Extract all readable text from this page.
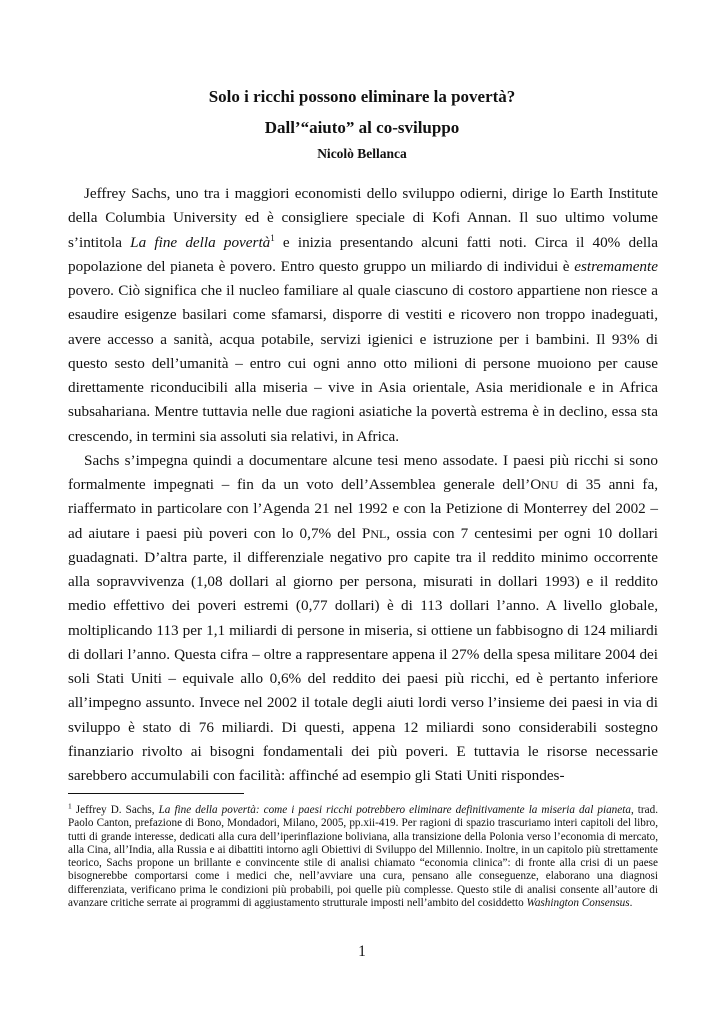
Solo i ricchi possono eliminare la povertà?
Dall’“aiuto” al co-sviluppo
Nicolò Bellanca

Jeffrey Sachs, uno tra i maggiori economisti dello sviluppo odierni, dirige lo Earth Institute della Columbia University ed è consigliere speciale di Kofi Annan. Il suo ultimo volume s’intitola La fine della povertà$^1$ e inizia presentando alcuni fatti noti. Circa il 40% della popolazione del pianeta è povero. Entro questo gruppo un miliardo di individui è estremamente povero. Ciò significa che il nucleo familiare al quale ciascuno di costoro appartiene non riesce a esaudire esigenze basilari come sfamarsi, disporre di vestiti e ricovero non troppo inadeguati, avere accesso a sanità, acqua potabile, servizi igienici e istruzione per i bambini. Il 93% di questo sesto dell’umanità – entro cui ogni anno otto milioni di persone muoiono per cause direttamente riconducibili alla miseria – vive in Asia orientale, Asia meridionale e in Africa subsahariana. Mentre tuttavia nelle due ragioni asiatiche la povertà estrema è in declino, essa sta crescendo, in termini sia assoluti sia relativi, in Africa.

Sachs s’impegna quindi a documentare alcune tesi meno assodate. I paesi più ricchi si sono formalmente impegnati – fin da un voto dell’Assemblea generale dell’ONU di 35 anni fa, riaffermato in particolare con l’Agenda 21 nel 1992 e con la Petizione di Monterrey del 2002 – ad aiutare i paesi più poveri con lo 0,7% del PNL, ossia con 7 centesimi per ogni 10 dollari guadagnati. D’altra parte, il differenziale negativo pro capite tra il reddito minimo occorrente alla sopravvivenza (1,08 dollari al giorno per persona, misurati in dollari 1993) e il reddito medio effettivo dei poveri estremi (0,77 dollari) è di 113 dollari l’anno. A livello globale, moltiplicando 113 per 1,1 miliardi di persone in miseria, si ottiene un fabbisogno di 124 miliardi di dollari l’anno. Questa cifra – oltre a rappresentare appena il 27% della spesa militare 2004 dei soli Stati Uniti – equivale allo 0,6% del reddito dei paesi più ricchi, ed è pertanto inferiore all’impegno assunto. Invece nel 2002 il totale degli aiuti lordi verso l’insieme dei paesi in via di sviluppo è stato di 76 miliardi. Di questi, appena 12 miliardi sono considerabili sostegno finanziario rivolto ai bisogni fondamentali dei più poveri. E tuttavia le risorse necessarie sarebbero accumulabili con facilità: affinché ad esempio gli Stati Uniti rispondes-

$^1$ Jeffrey D. Sachs, La fine della povertà: come i paesi ricchi potrebbero eliminare definitivamente la miseria dal pianeta, trad. Paolo Canton, prefazione di Bono, Mondadori, Milano, 2005, pp.xii-419. Per ragioni di spazio trascuriamo interi capitoli del libro, tutti di grande interesse, dedicati alla cura dell’iperinflazione boliviana, alla transizione della Polonia verso l’economia di mercato, alla Cina, all’India, alla Russia e ai dibattiti intorno agli Obiettivi di Sviluppo del Millennio. Inoltre, in un capitolo più strettamente teorico, Sachs propone un brillante e convincente stile di analisi chiamato “economia clinica”: di fronte alla crisi di un paese bisognerebbe comportarsi come i medici che, nell’avviare una cura, pensano alle conseguenze, elaborano una diagnosi differenziata, verificano prima le condizioni più probabili, poi quelle più complesse. Questo stile di analisi consente all’autore di avanzare critiche serrate ai programmi di aggiustamento strutturale imposti nell’ambito del cosiddetto Washington Consensus.

1
